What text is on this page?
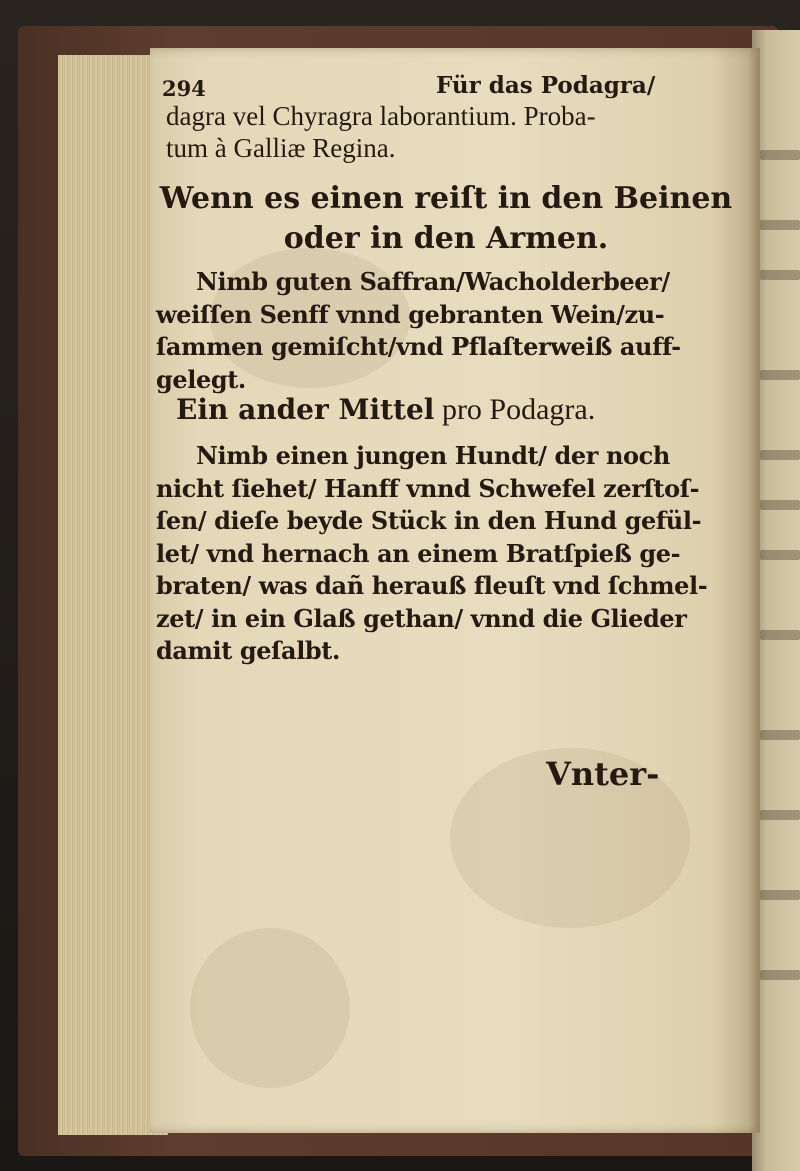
294	Für das Podagra/
dagra vel Chyragra laborantium. Proba-
tum à Galliæ Regina.
Wenn es einen reiſt in den Beinen
oder in den Armen.
Nimb guten Saffran/Wacholderbeer/
weiſſen Senff vnnd gebranten Wein/zu-
ſammen gemiſcht/vnd Pflaſterweiß auff-
gelegt.
Ein ander Mittel pro Podagra.
Nimb einen jungen Hundt/ der noch
nicht ſiehet/ Hanff vnnd Schwefel zerſtoſ-
ſen/ dieſe beyde Stück in den Hund gefül-
let/ vnd hernach an einem Bratſpieß ge-
braten/ was dañ herauß fleuſt vnd ſchmel-
zet/ in ein Glaß gethan/ vnnd die Glieder
damit geſalbt.
Vnter-
